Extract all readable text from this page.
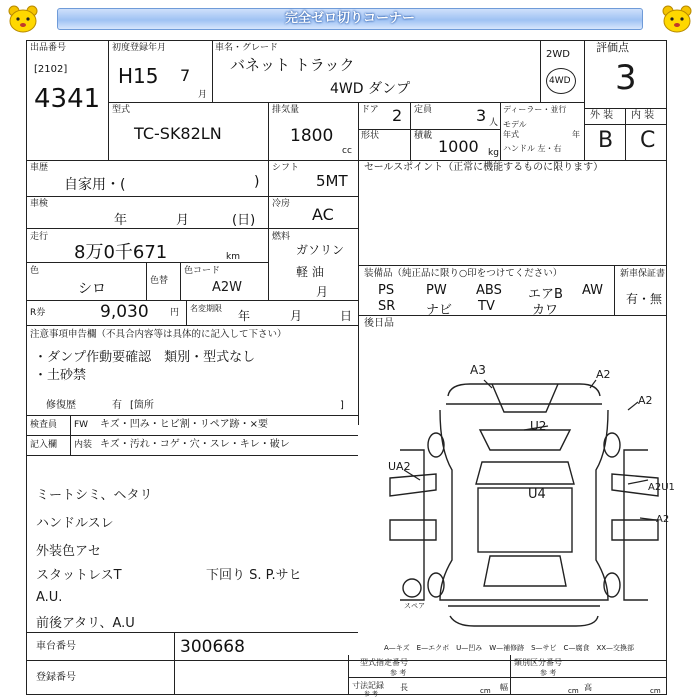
完全ゼロ切りコーナー
出品番号
[2102]
4341
初度登録年月
H15 7
月
車名・グレード
バネット トラック
4WD ダンプ
2WD
4WD
評価点
3
型式
TC-SK82LN
排気量
1800
cc
ドア 2 定員	3 人
形状	積載
1000 kg
ディーラー・並行
モデル
年式	年
ハンドル 左・右
外 装 内 装
B C
車歴
自家用・(	)
シフト
5MT
セールスポイント（正常に機能するものに限ります）
車検
年	月	(日)
冷房
AC
走行
8万0千671	km
燃料
ガソリン
軽 油
色
シロ	色替
色コード
A2W	月
R券	9,030 円 名変期限
年	月	日
注意事項申告欄（不具合内容等は具体的に記入して下さい）
・ダンプ作動要確認　類別・型式なし
・土砂禁
修復歴	有 [箇所	]
検査員
記入欄
FW キズ・凹み・ヒビ割・リペア跡・×要
内装 キズ・汚れ・コゲ・穴・スレ・キレ・破レ
ミートシミ、ヘタリ
ハンドルスレ
外装色アセ
スタットレスT
A.U.
前後アタリ、A.U
下回り S. P.サヒ
装備品（純正品に限り○印をつけてください）
PS PW ABS エアB AW
SR ナビ TV	カワ
新車保証書
有・無
後日品
車台番号	300668
登録番号
A—キズ　E—エクボ　U—凹み　W—補修跡　S—サビ　C—腐食　XX—交換部
型式指定番号
参 考
類別区分番号
参 考
寸法記録
参 考
長	cm 幅	cm 高	cm
A3	A2
A2
U2
UA2
U4	A2U1
A2
スペア
